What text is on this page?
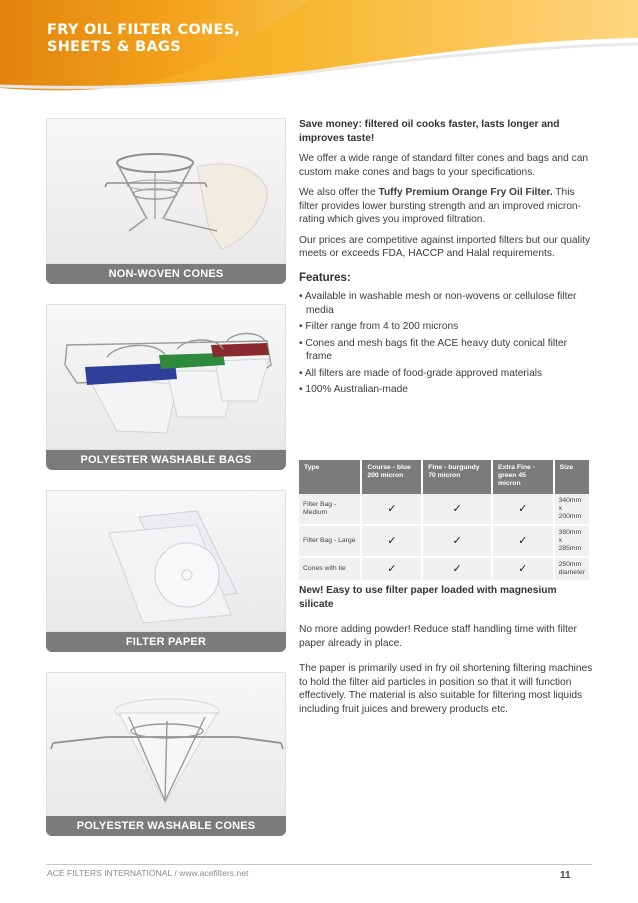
FRY OIL FILTER CONES,
SHEETS & BAGS
NON-WOVEN CONES
POLYESTER WASHABLE BAGS
FILTER PAPER
POLYESTER WASHABLE CONES

Save money: filtered oil cooks faster, lasts longer and improves taste!

We offer a wide range of standard filter cones and bags and can custom make cones and bags to your specifications.

We also offer the Tuffy Premium Orange Fry Oil Filter. This filter provides lower bursting strength and an improved micron-rating which gives you improved filtration.

Our prices are competitive against imported filters but our quality meets or exceeds FDA, HACCP and Halal requirements.

Features:
• Available in washable mesh or non-wovens or cellulose filter media
• Filter range from 4 to 200 microns
• Cones and mesh bags fit the ACE heavy duty conical filter frame
• All filters are made of food-grade approved materials
• 100% Australian-made
Type	Course - blue 200 micron	Fine - burgundy 70 micron	Extra Fine - green 45 micron	Size
Filter Bag - Medium	✓	✓	✓	340mm x 200mm
Filter Bag - Large	✓	✓	✓	380mm x 285mm
Cones with tie	✓	✓	✓	250mm diameter

New! Easy to use filter paper loaded with magnesium silicate

No more adding powder! Reduce staff handling time with filter paper already in place.

The paper is primarily used in fry oil shortening filtering machines to hold the filter aid particles in position so that it will function effectively. The material is also suitable for filtering most liquids including fruit juices and brewery products etc.

ACE FILTERS INTERNATIONAL / www.acefilters.net	11
